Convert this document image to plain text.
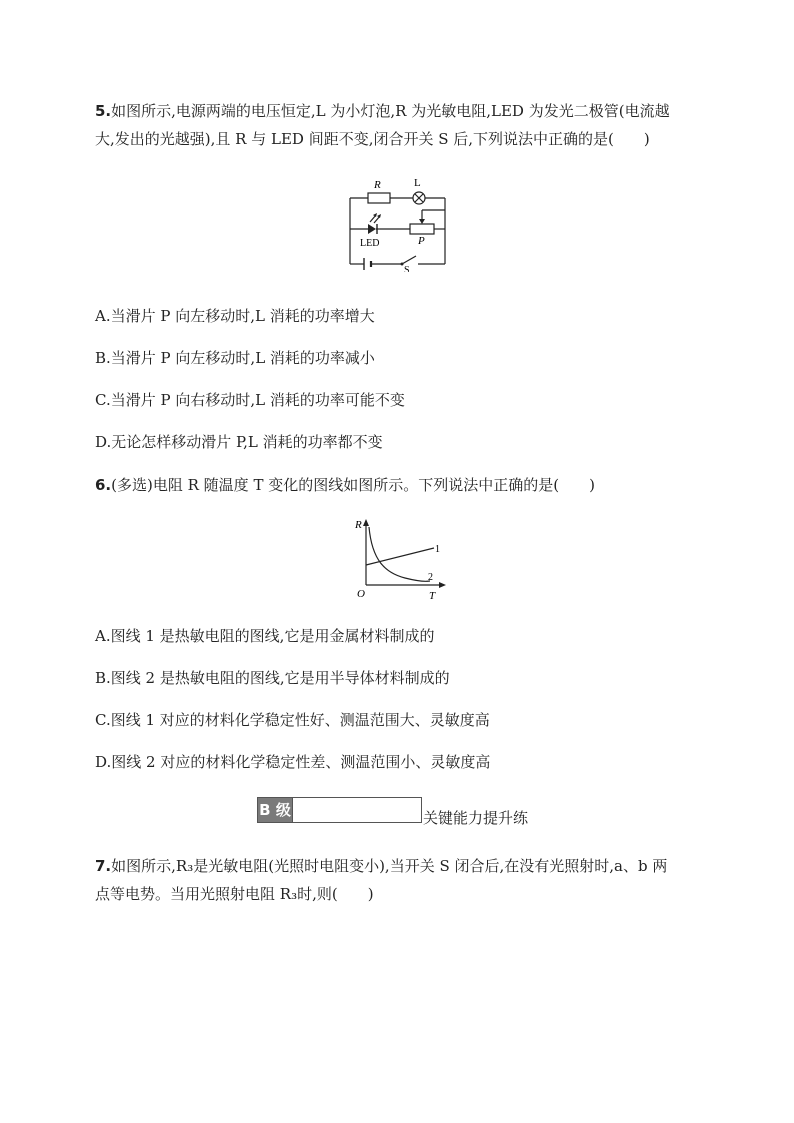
5.如图所示,电源两端的电压恒定,L 为小灯泡,R 为光敏电阻,LED 为发光二极管(电流越
大,发出的光越强),且 R 与 LED 间距不变,闭合开关 S 后,下列说法中正确的是(　　)
R	L
LED	P
S
A.当滑片 P 向左移动时,L 消耗的功率增大
B.当滑片 P 向左移动时,L 消耗的功率减小
C.当滑片 P 向右移动时,L 消耗的功率可能不变
D.无论怎样移动滑片 P,L 消耗的功率都不变
6.(多选)电阻 R 随温度 T 变化的图线如图所示。下列说法中正确的是(　　)
R
T
O
1
2
A.图线 1 是热敏电阻的图线,它是用金属材料制成的
B.图线 2 是热敏电阻的图线,它是用半导体材料制成的
C.图线 1 对应的材料化学稳定性好、测温范围大、灵敏度高
D.图线 2 对应的材料化学稳定性差、测温范围小、灵敏度高
B 级	关键能力提升练
7.如图所示,R₃是光敏电阻(光照时电阻变小),当开关 S 闭合后,在没有光照射时,a、b 两
点等电势。当用光照射电阻 R₃时,则(　　)
